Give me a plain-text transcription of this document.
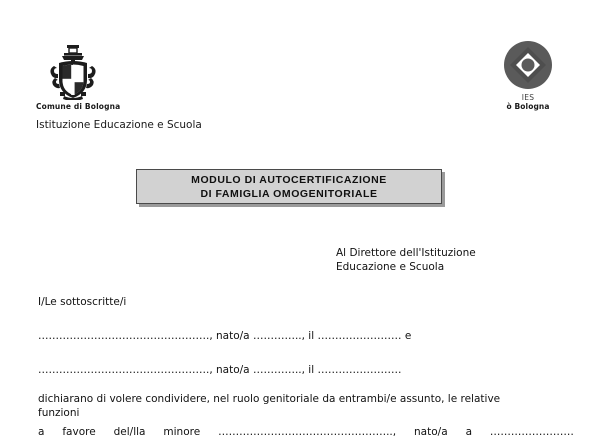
Comune di Bologna
Istituzione Educazione e Scuola
IES
ò Bologna
MODULO DI AUTOCERTIFICAZIONE
DI FAMIGLIA OMOGENITORIALE
Al Direttore dell'Istituzione
Educazione e Scuola
I/Le sottoscritte/i
…………………………………………., nato/a ………….., il …………………… e
…………………………………………., nato/a ………….., il ……………………
dichiarano di volere condividere, nel ruolo genitoriale da entrambi/e assunto, le relative
funzioni
a favore del/lla minore ………………………………………….., nato/a a ……………………
